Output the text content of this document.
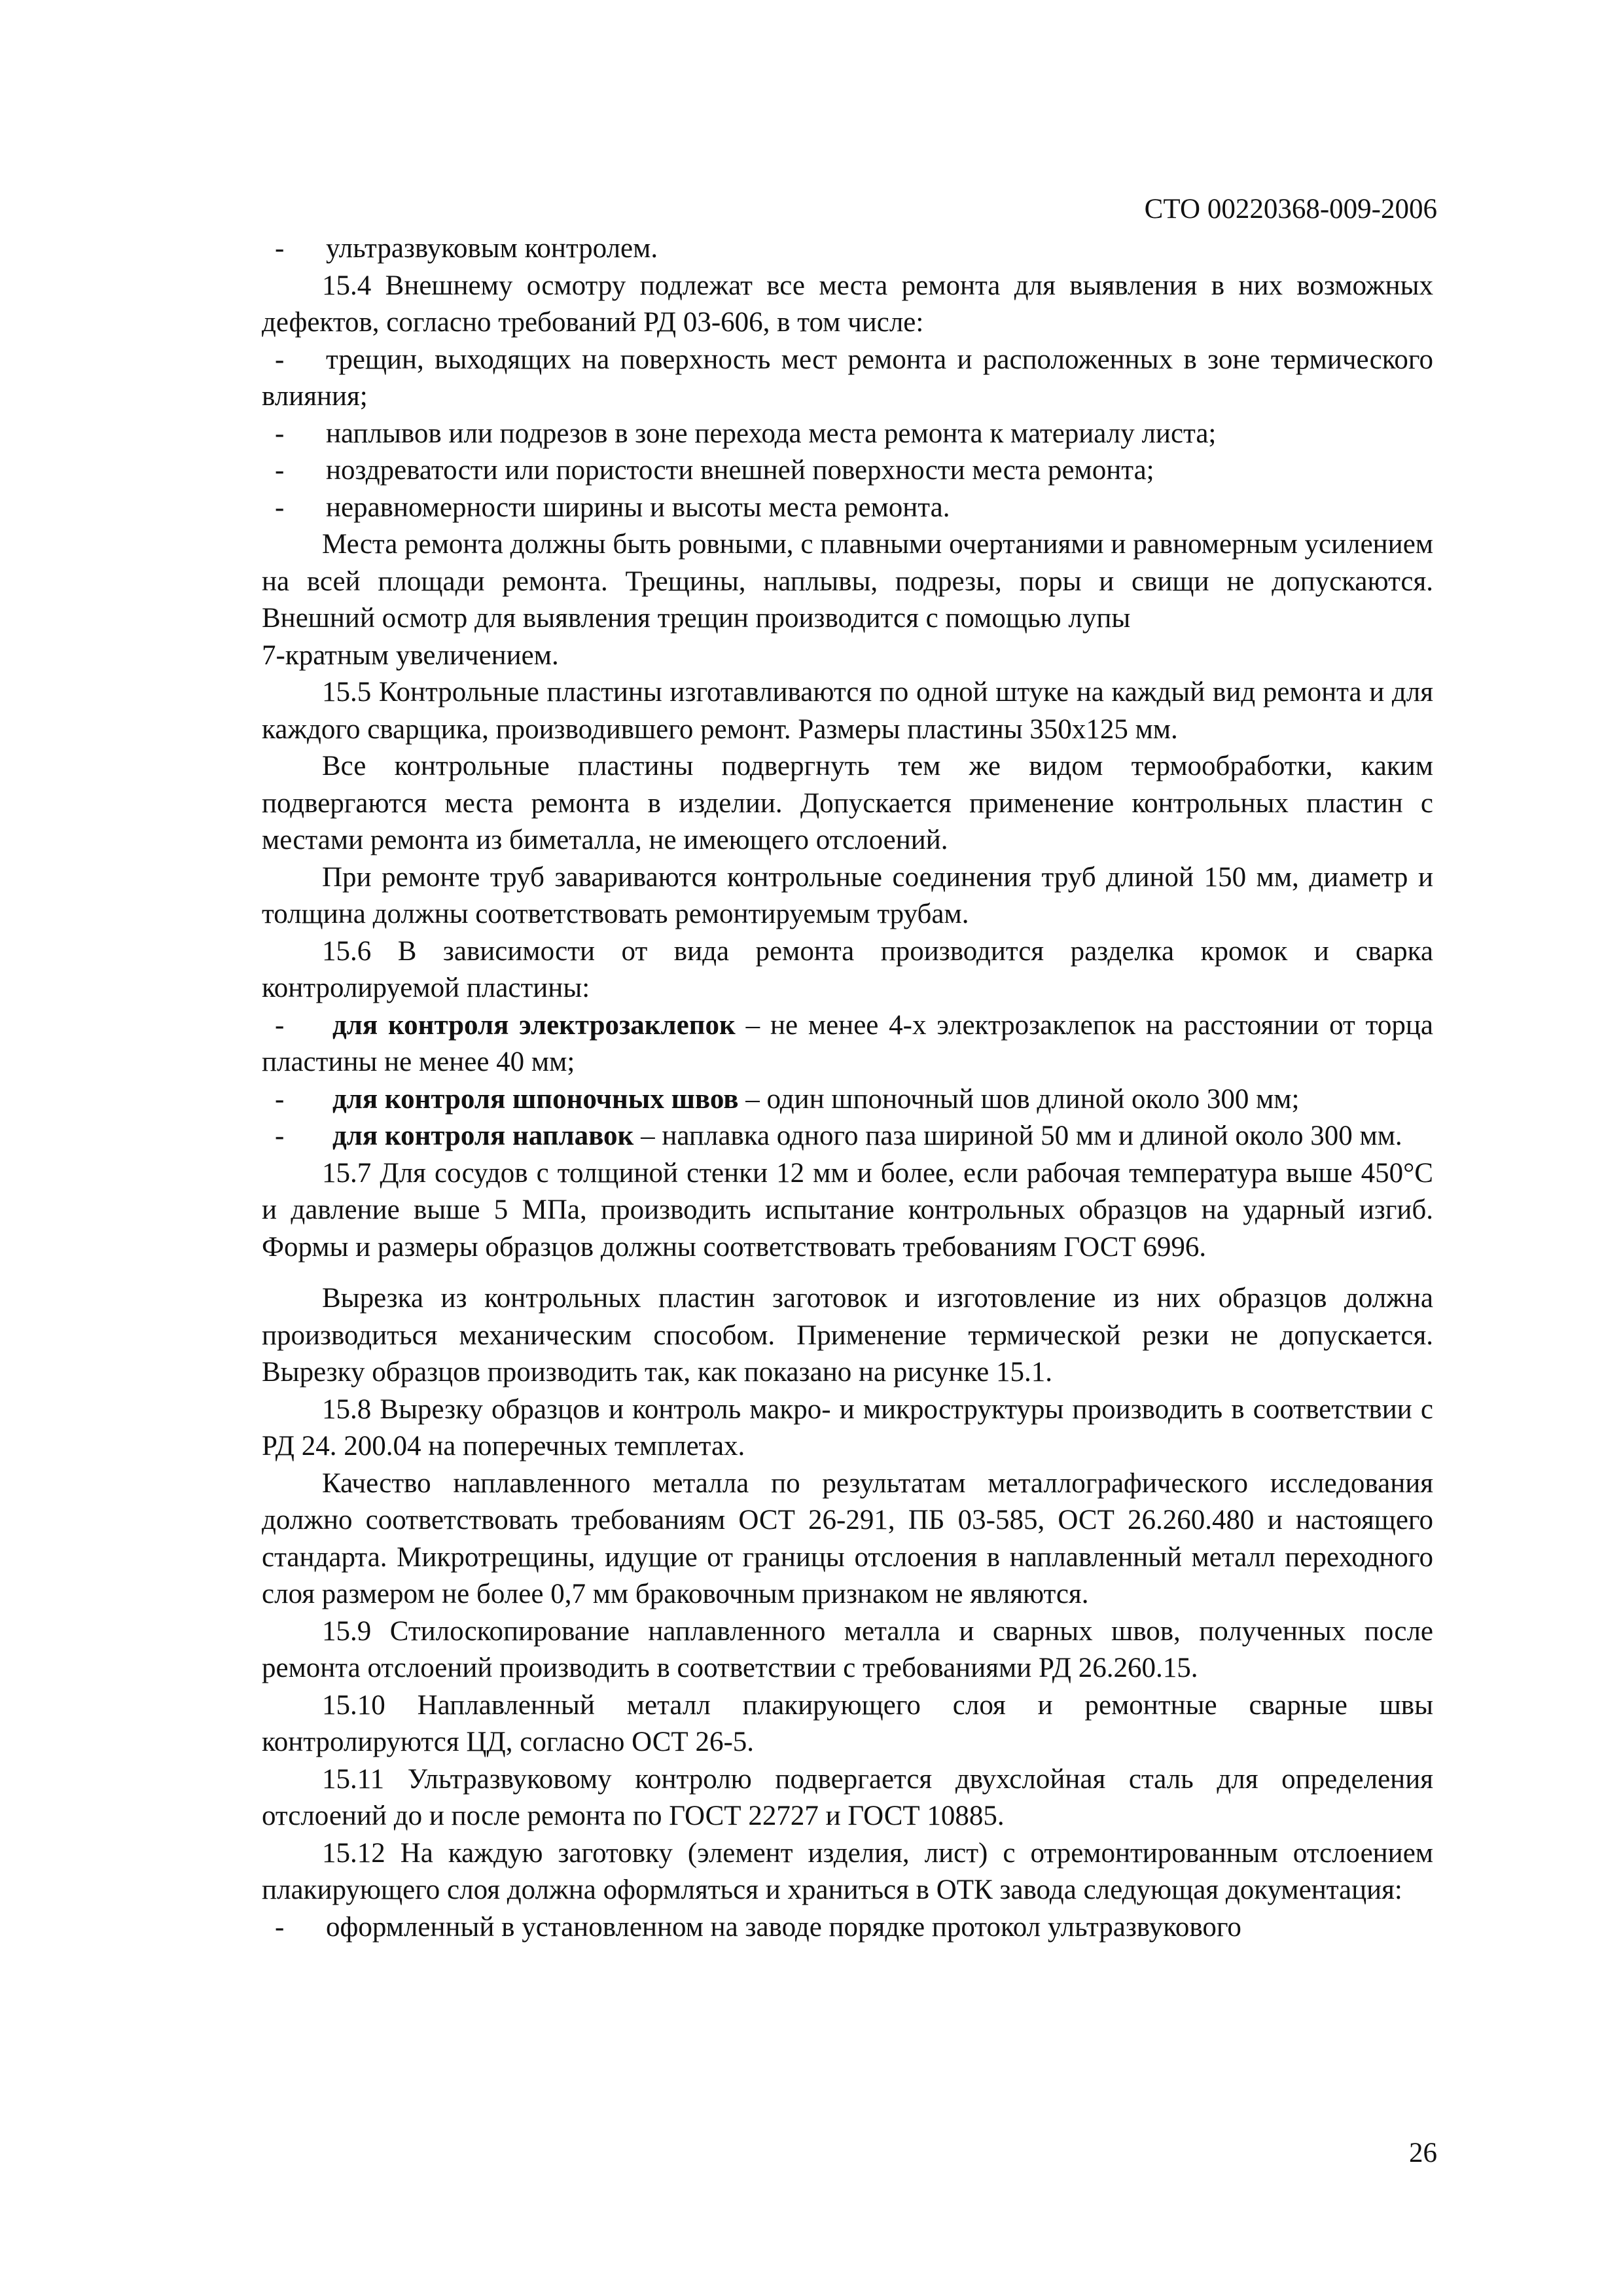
СТО 00220368-009-2006

- ультразвуковым контролем.

15.4 Внешнему осмотру подлежат все места ремонта для выявления в них возможных дефектов, согласно требований РД 03-606, в том числе:

- трещин, выходящих на поверхность мест ремонта и расположенных в зоне термического влияния;

- наплывов или подрезов в зоне перехода места ремонта к материалу листа;

- ноздреватости или пористости внешней поверхности места ремонта;

- неравномерности ширины и высоты места ремонта.

Места ремонта должны быть ровными, с плавными очертаниями и равномерным усилением на всей площади ремонта. Трещины, наплывы, подрезы, поры и свищи не допускаются. Внешний осмотр для выявления трещин производится с помощью лупы

7-кратным увеличением.

15.5 Контрольные пластины изготавливаются по одной штуке на каждый вид ремонта и для каждого сварщика, производившего ремонт. Размеры пластины 350х125 мм.

Все контрольные пластины подвергнуть тем же видом термообработки, каким подвергаются места ремонта в изделии. Допускается применение контрольных пластин с местами ремонта из биметалла, не имеющего отслоений.

При ремонте труб завариваются контрольные соединения труб длиной 150 мм, диаметр и толщина должны соответствовать ремонтируемым трубам.

15.6 В зависимости от вида ремонта производится разделка кромок и сварка контролируемой пластины:

- для контроля электрозаклепок – не менее 4-х электрозаклепок на расстоянии от торца пластины не менее 40 мм;

- для контроля шпоночных швов – один шпоночный шов длиной около 300 мм;

- для контроля наплавок – наплавка одного паза шириной 50 мм и длиной около 300 мм.

15.7 Для сосудов с толщиной стенки 12 мм и более, если рабочая температура выше 450°С и давление выше 5 МПа, производить испытание контрольных образцов на ударный изгиб. Формы и размеры образцов должны соответствовать требованиям ГОСТ 6996.

Вырезка из контрольных пластин заготовок и изготовление из них образцов должна производиться механическим способом. Применение термической резки не допускается. Вырезку образцов производить так, как показано на рисунке 15.1.

15.8 Вырезку образцов и контроль макро- и микроструктуры производить в соответствии с РД 24. 200.04 на поперечных темплетах.

Качество наплавленного металла по результатам металлографического исследования должно соответствовать требованиям ОСТ 26-291, ПБ 03-585, ОСТ 26.260.480 и настоящего стандарта. Микротрещины, идущие от границы отслоения в наплавленный металл переходного слоя размером не более 0,7 мм браковочным признаком не являются.

15.9 Стилоскопирование наплавленного металла и сварных швов, полученных после ремонта отслоений производить в соответствии с требованиями РД 26.260.15.

15.10 Наплавленный металл плакирующего слоя и ремонтные сварные швы контролируются ЦД, согласно ОСТ 26-5.

15.11 Ультразвуковому контролю подвергается двухслойная сталь для определения отслоений до и после ремонта по ГОСТ 22727 и ГОСТ 10885.

15.12 На каждую заготовку (элемент изделия, лист) с отремонтированным отслоением плакирующего слоя должна оформляться и храниться в ОТК завода следующая документация:

- оформленный в установленном на заводе порядке протокол ультразвукового

26
